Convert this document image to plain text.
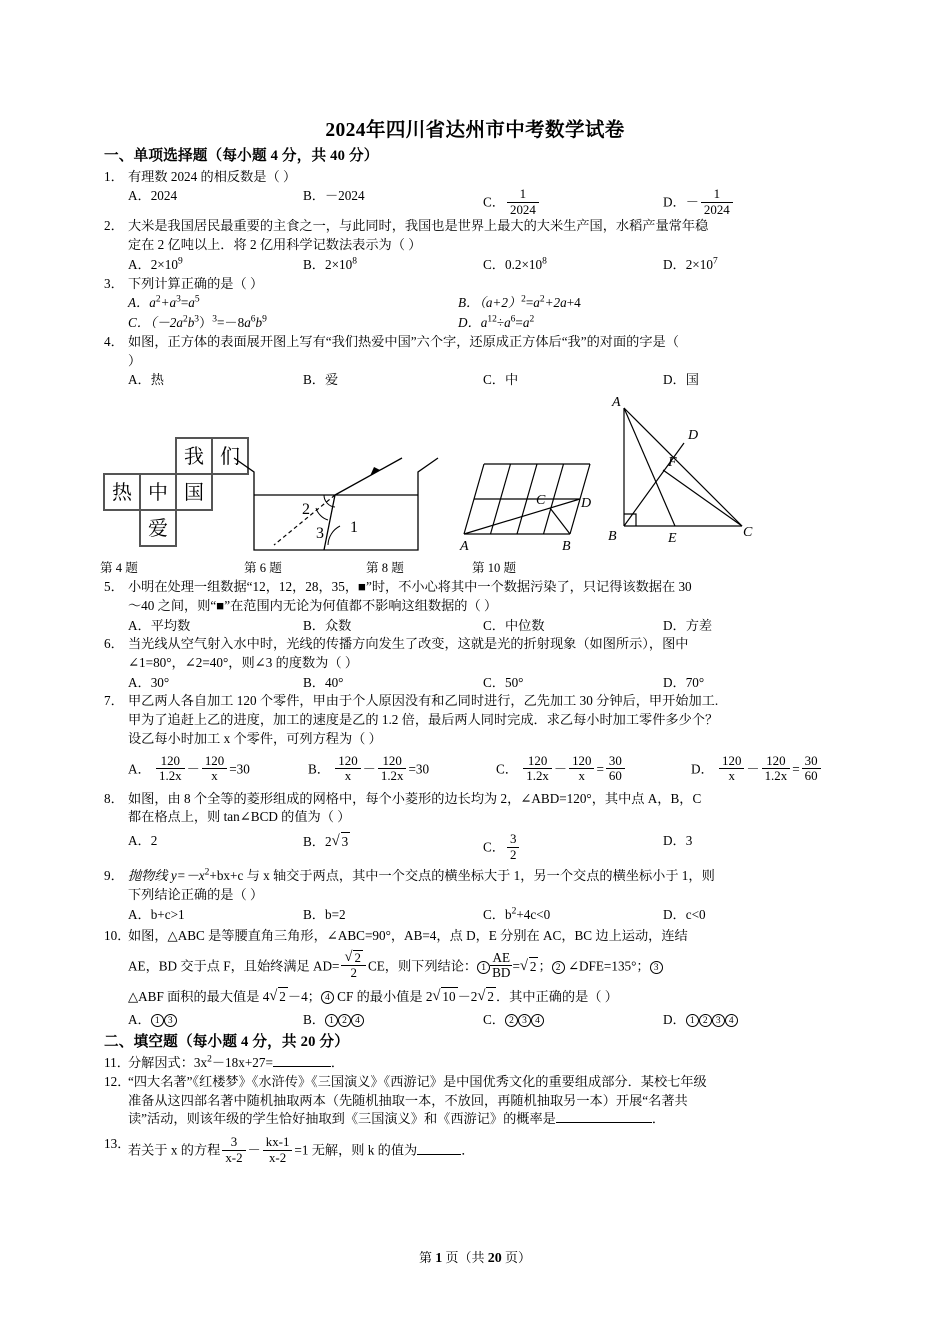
2024年四川省达州市中考数学试卷
一、单项选择题（每小题 4 分，共 40 分）
1． 有理数 2024 的相反数是（ ）
A．2024	B．－2024	C． $\frac{1}{2024}$	D．－ $\frac{1}{2024}$
2． 大米是我国居民最重要的主食之一，与此同时，我国也是世界上最大的大米生产国，水稻产量常年稳
定在 2 亿吨以上．将 2 亿用科学记数法表示为（ ）
A．$2\times 10^9$	B．$2\times 10^8$	C．$0.2\times 10^8$	D．$2\times 10^7$
3． 下列计算正确的是（ ）
A．$a^2+a^3=a^5$	B．$(a+2)^2=a^2+2a+4$
C．$(-2a^2b^3)^3=-8a^6b^9$	D．$a^{12}\div a^6=a^2$
4． 如图，正方体的表面展开图上写有“我们热爱中国”六个字，还原成正方体后“我”的对面的字是（
）
A．热	B．爱	C．中	D．国
我 们
热 中 国
爱
2
3 1
C	D
A	B
A
D
F
B	E	C
第 4 题	第 6 题	第 8 题	第 10 题
5． 小明在处理一组数据“12，12，28，35，■”时，不小心将其中一个数据污染了，只记得该数据在 30
～40 之间，则“■”在范围内无论为何值都不影响这组数据的（ ）
A．平均数	B．众数	C．中位数	D．方差
6． 当光线从空气射入水中时，光线的传播方向发生了改变，这就是光的折射现象（如图所示），图中
∠1=80°，∠2=40°，则∠3 的度数为（ ）
A．30°	B．40°	C．50°	D．70°
7． 甲乙两人各自加工 120 个零件，甲由于个人原因没有和乙同时进行，乙先加工 30 分钟后，甲开始加工.
甲为了追赶上乙的进度，加工的速度是乙的 1.2 倍，最后两人同时完成．求乙每小时加工零件多少个？
设乙每小时加工 x 个零件，可列方程为（ ）
A． $\frac{120}{1.2x} - \frac{120}{x} =30$	B． $\frac{120}{x} - \frac{120}{1.2x} =30$	C． $\frac{120}{1.2x} - \frac{120}{x} = \frac{30}{60}$	D． $\frac{120}{x} - \frac{120}{1.2x} = \frac{30}{60}$
8． 如图，由 8 个全等的菱形组成的网格中，每个小菱形的边长均为 2，∠ABD=120°，其中点 A，B，C
都在格点上，则 tan∠BCD 的值为（ ）
A．2	B．2 √ 3	C． $\frac{3}{2}$	D．3
9． 抛物线 $y=-x^2+bx+c$ 与 x 轴交于两点，其中一个交点的横坐标大于 1，另一个交点的横坐标小于 1，则
下列结论正确的是（ ）
A．b+c>1	B．b=2	C．$b^2+4c<0$	D．c<0
10．
如图，△ABC 是等腰直角三角形，∠ABC=90°，AB=4，点 D，E 分别在 AC，BC 边上运动，连结
AE，BD 交于点 F，且始终满足 AD= √ $\frac{2}{2}$ CE，则下列结论： $1 \frac{AE}{BD}$ = √ 2 ； 2 ∠DFE=135°； 3
△ABF 面积的最大值是 4 √ 2 －4； 4 CF 的最小值是 2 √ 10 －2 √ 2 ．其中正确的是（ ）
A． 1 3	B． 1 2 4	C． 2 3 4	D． 1 2 3 4
二、填空题（每小题 4 分，共 20 分）
11．
分解因式：$3x^2-18x+27=$	．
12．
“四大名著”《红楼梦》《水浒传》《三国演义》《西游记》是中国优秀文化的重要组成部分．某校七年级
准备从这四部名著中随机抽取两本（先随机抽取一本，不放回，再随机抽取另一本）开展“名著共
读”活动，则该年级的学生恰好抽取到《三国演义》和《西游记》的概率是	．
13．
若关于 x 的方程 $\frac{3}{x-2} - \frac{kx-1}{x-2} =1$ 无解，则 k 的值为	．
第 1 页（共 20 页）
